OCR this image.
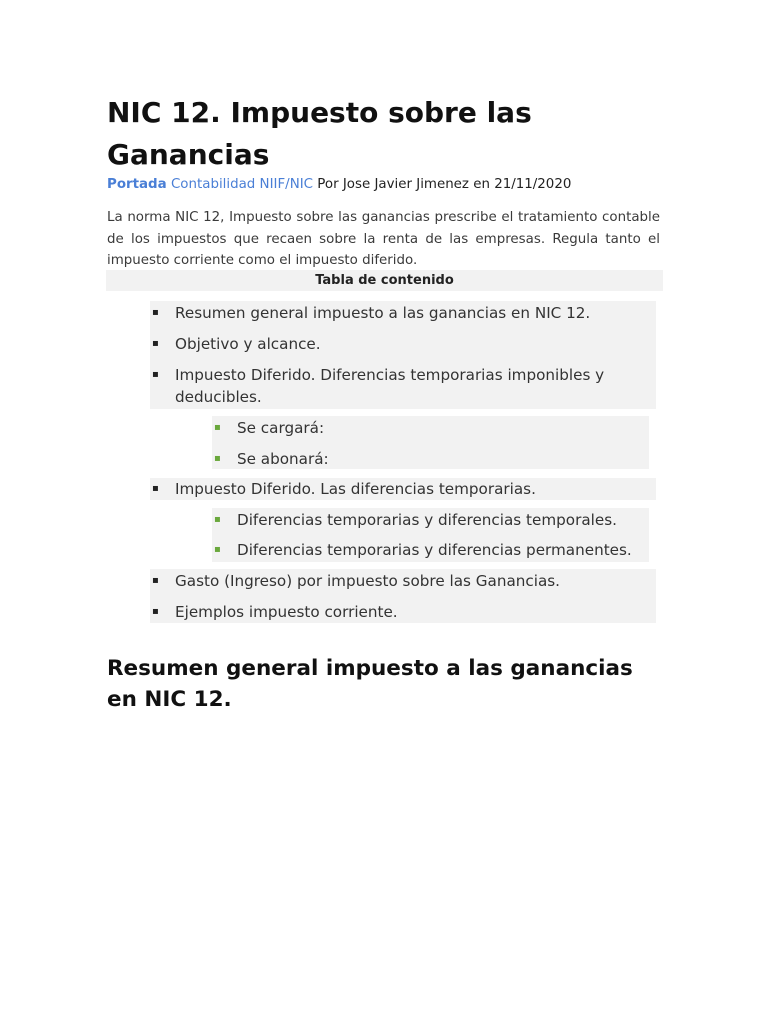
NIC 12. Impuesto sobre las Ganancias
Portada Contabilidad NIIF/NIC Por Jose Javier Jimenez en 21/11/2020

La norma NIC 12, Impuesto sobre las ganancias prescribe el tratamiento contable de los impuestos que recaen sobre la renta de las empresas. Regula tanto el impuesto corriente como el impuesto diferido.

Tabla de contenido
▪ Resumen general impuesto a las ganancias en NIC 12.
▪ Objetivo y alcance.
▪ Impuesto Diferido. Diferencias temporarias imponibles y deducibles.
▪ Se cargará:
▪ Se abonará:
▪ Impuesto Diferido. Las diferencias temporarias.
▪ Diferencias temporarias y diferencias temporales.
▪ Diferencias temporarias y diferencias permanentes.
▪ Gasto (Ingreso) por impuesto sobre las Ganancias.
▪ Ejemplos impuesto corriente.
Resumen general impuesto a las ganancias en NIC 12.
